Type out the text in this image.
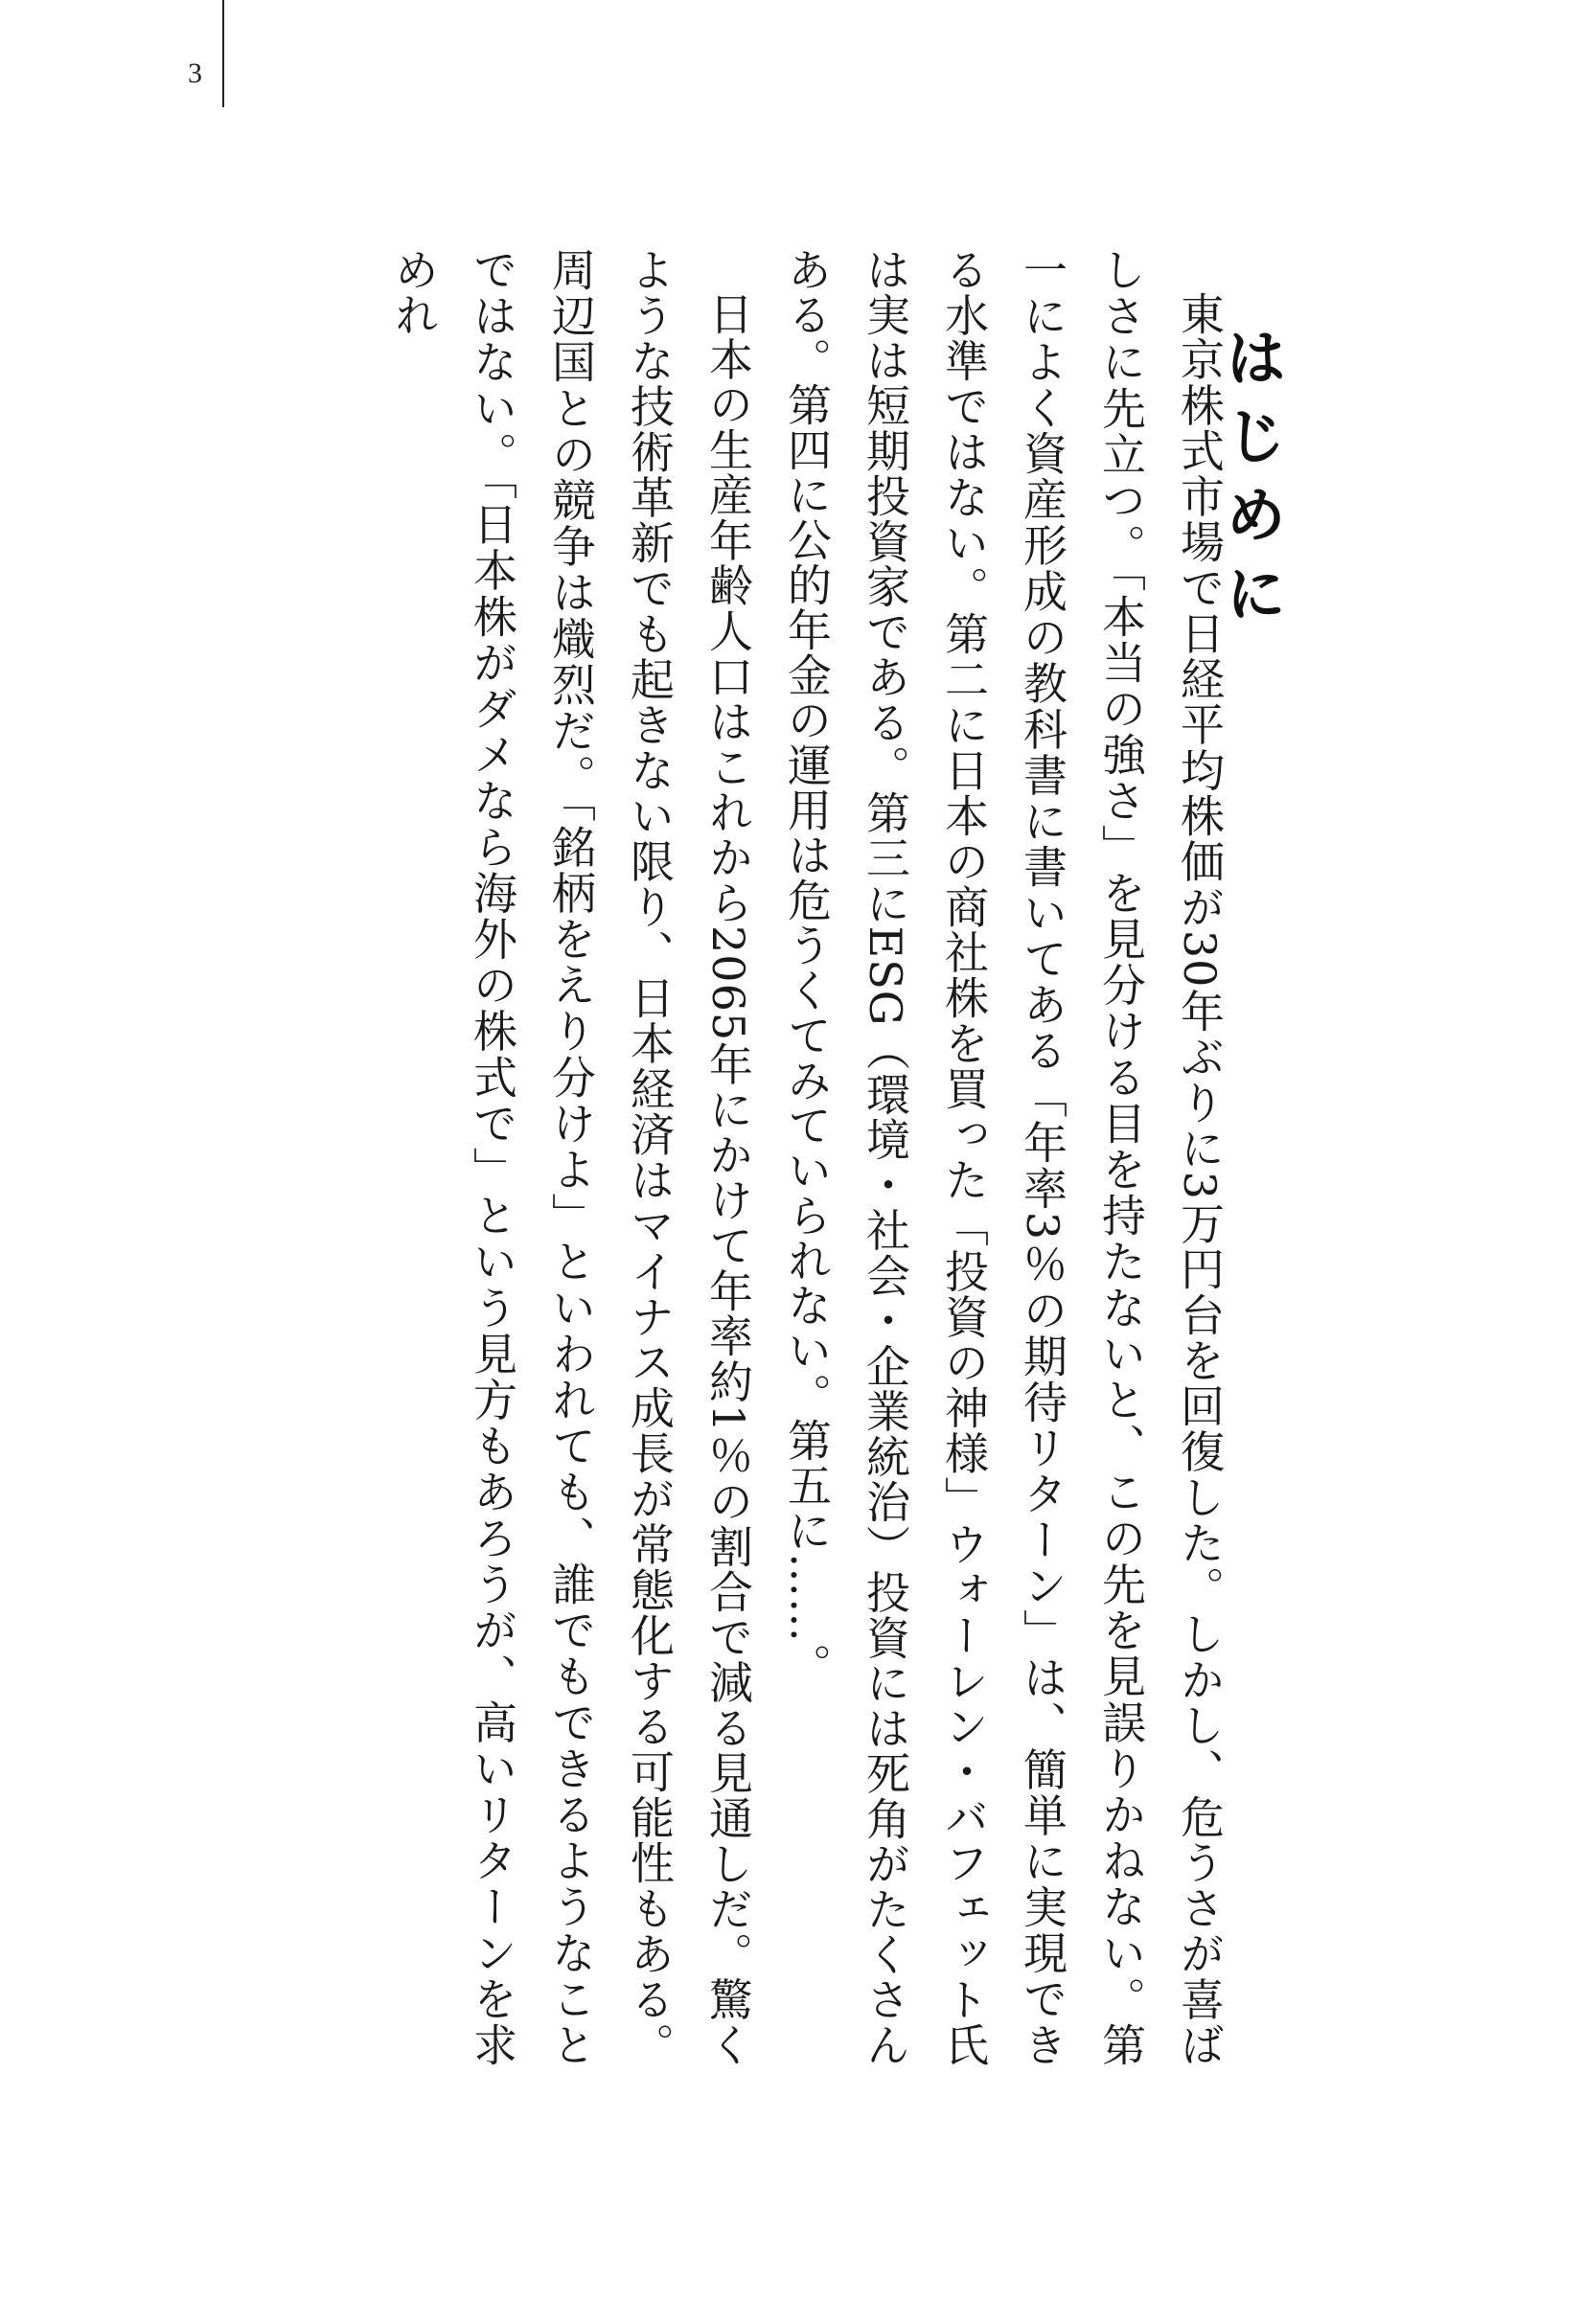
3
はじめに

東京株式市場で日経平均株価が30年ぶりに3万円台を回復した。しかし、危うさが喜ばしさに先立つ。「本当の強さ」を見分ける目を持たないと、この先を見誤りかねない。第一によく資産形成の教科書に書いてある「年率3％の期待リターン」は、簡単に実現できる水準ではない。第二に日本の商社株を買った「投資の神様」ウォーレン・バフェット氏は実は短期投資家である。第三にESG（環境・社会・企業統治）投資には死角がたくさんある。第四に公的年金の運用は危うくてみていられない。第五に……。

日本の生産年齢人口はこれから2065年にかけて年率約1％の割合で減る見通しだ。驚くような技術革新でも起きない限り、日本経済はマイナス成長が常態化する可能性もある。周辺国との競争は熾烈だ。「銘柄をえり分けよ」といわれても、誰でもできるようなことではない。「日本株がダメなら海外の株式で」という見方もあろうが、高いリターンを求めれ
